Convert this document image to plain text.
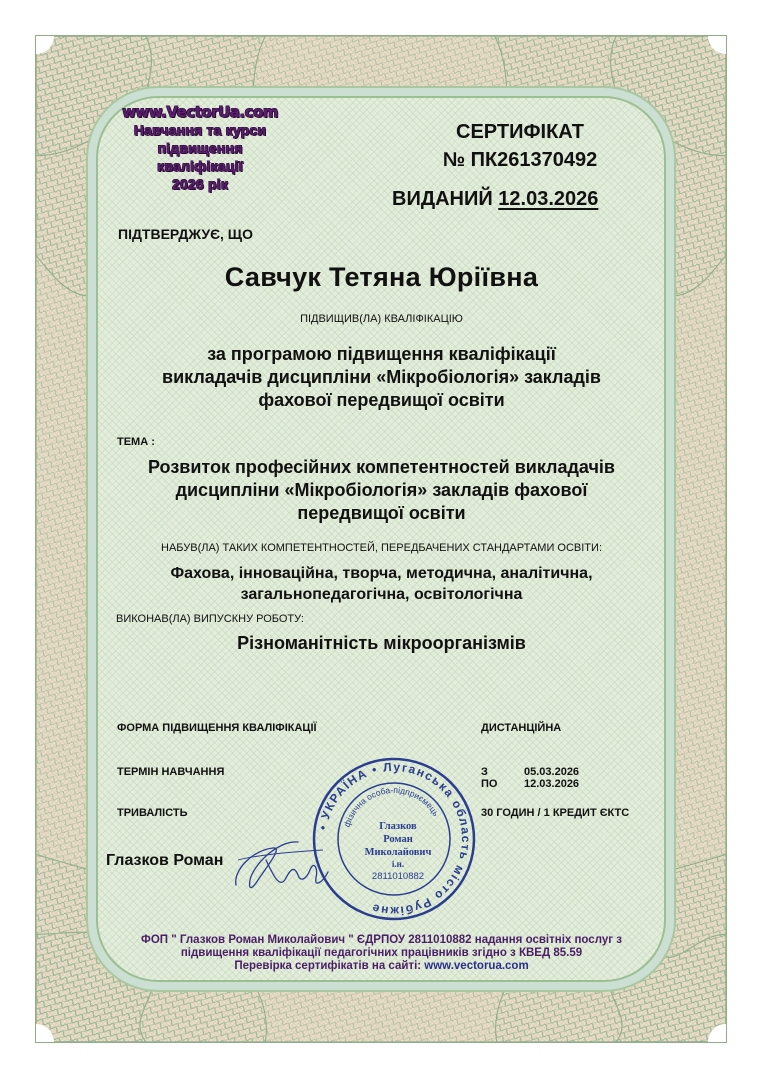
www.VectorUa.com
Навчання та курси
підвищення
кваліфікації
2026 рік
СЕРТИФІКАТ
№ ПК261370492
ВИДАНИЙ 12.03.2026
ПІДТВЕРДЖУЄ, ЩО
Савчук Тетяна Юріївна
ПІДВИЩИВ(ЛА) КВАЛІФІКАЦІЮ
за програмою підвищення кваліфікації
викладачів дисципліни «Мікробіологія» закладів
фахової передвищої освіти
ТЕМА :
Розвиток професійних компетентностей викладачів
дисципліни «Мікробіологія» закладів фахової
передвищої освіти
НАБУВ(ЛА) ТАКИХ КОМПЕТЕНТНОСТЕЙ, ПЕРЕДБАЧЕНИХ СТАНДАРТАМИ ОСВІТИ:
Фахова, інноваційна, творча, методична, аналітична,
загальнопедагогічна, освітологічна
ВИКОНАВ(ЛА) ВИПУСКНУ РОБОТУ:
Різноманітність мікроорганізмів
ФОРМА ПІДВИЩЕННЯ КВАЛІФІКАЦІЇ	ДИСТАНЦІЙНА
ТЕРМІН НАВЧАННЯ	З	05.03.2026
ПО 12.03.2026
ТРИВАЛІСТЬ	30 ГОДИН / 1 КРЕДИТ ЄКТС
Глазков Роман
• УКРАЇНА • Луганська область місто Рубіжне
фізична особа-підприємець
Глазков
Роман
Миколайович
і.н.
2811010882
ФОП " Глазков Роман Миколайович " ЄДРПОУ 2811010882 надання освітніх послуг з
підвищення кваліфікації педагогічних працівників згідно з КВЕД 85.59
Перевірка сертифікатів на сайті: www.vectorua.com
